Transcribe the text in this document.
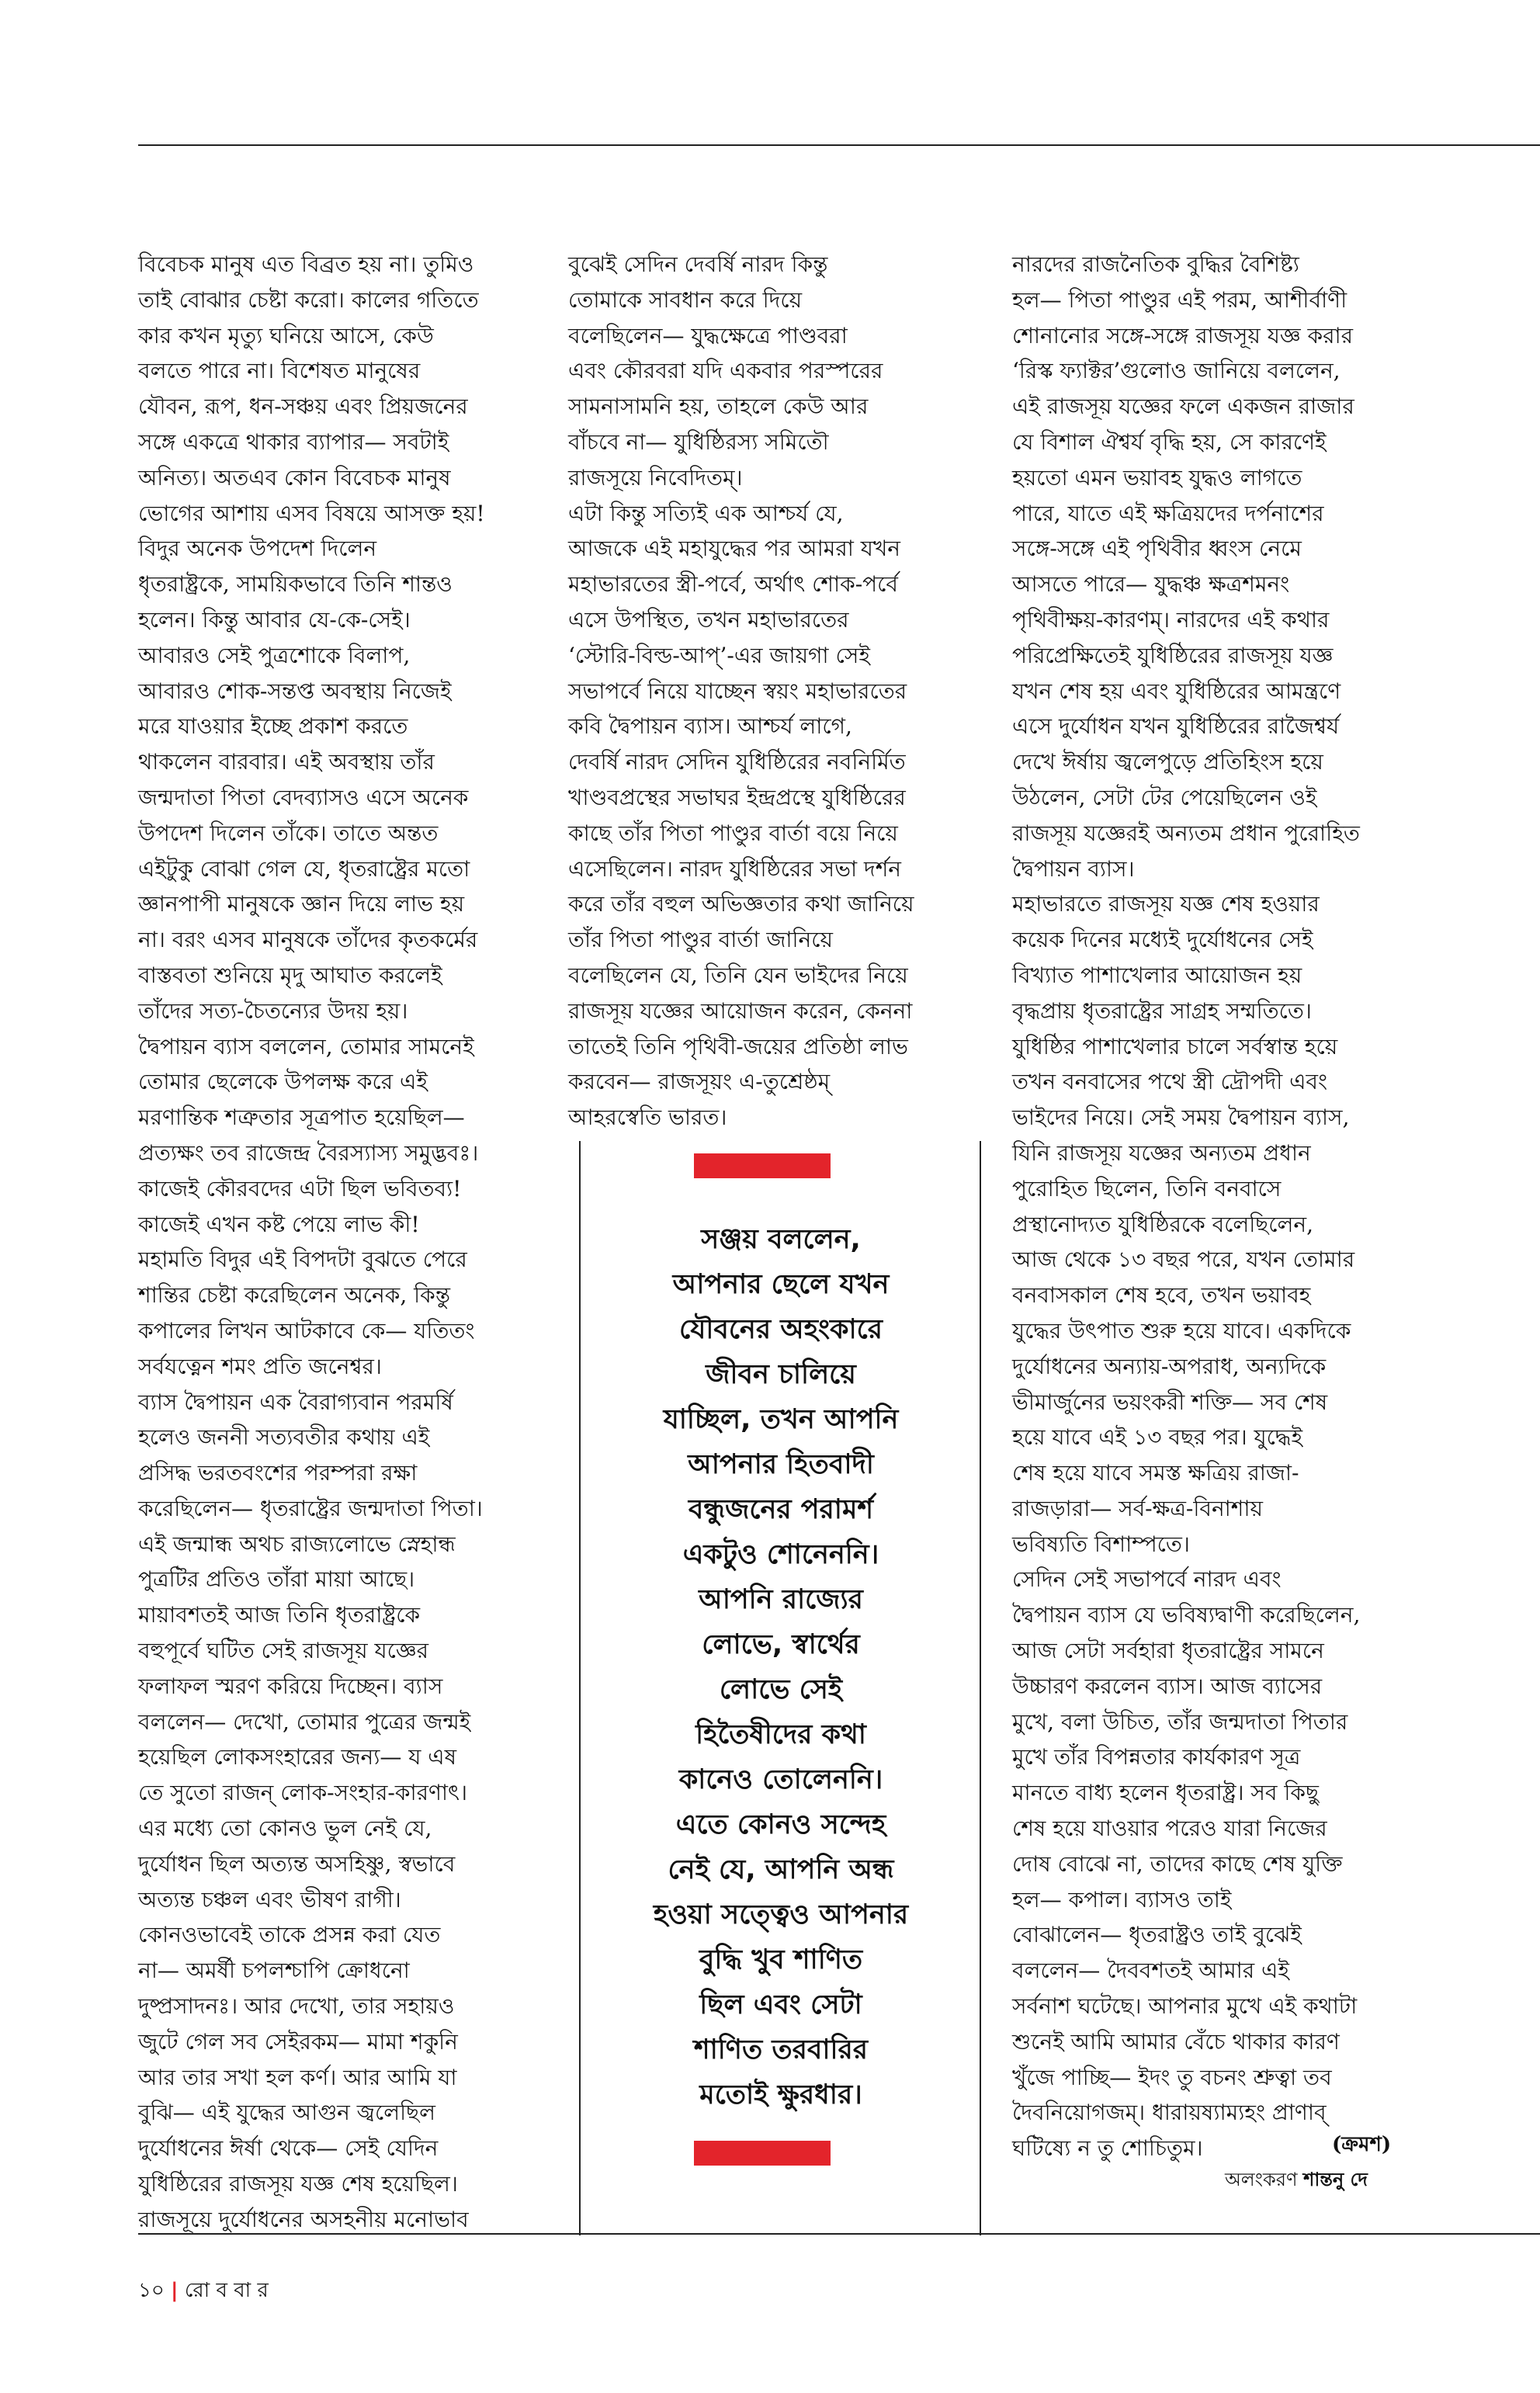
বিবেচক মানুষ এত বিব্রত হয় না। তুমিও

তাই বোঝার চেষ্টা করো। কালের গতিতে

কার কখন মৃত্যু ঘনিয়ে আসে, কেউ

বলতে পারে না। বিশেষত মানুষের

যৌবন, রূপ, ধন-সঞ্চয় এবং প্রিয়জনের

সঙ্গে একত্রে থাকার ব্যাপার— সবটাই

অনিত্য। অতএব কোন বিবেচক মানুষ

ভোগের আশায় এসব বিষয়ে আসক্ত হয়!

বিদুর অনেক উপদেশ দিলেন

ধৃতরাষ্ট্রকে, সাময়িকভাবে তিনি শান্তও

হলেন। কিন্তু আবার যে-কে-সেই।

আবারও সেই পুত্রশোকে বিলাপ,

আবারও শোক-সন্তপ্ত অবস্থায় নিজেই

মরে যাওয়ার ইচ্ছে প্রকাশ করতে

থাকলেন বারবার। এই অবস্থায় তাঁর

জন্মদাতা পিতা বেদব্যাসও এসে অনেক

উপদেশ দিলেন তাঁকে। তাতে অন্তত

এইটুকু বোঝা গেল যে, ধৃতরাষ্ট্রের মতো

জ্ঞানপাপী মানুষকে জ্ঞান দিয়ে লাভ হয়

না। বরং এসব মানুষকে তাঁদের কৃতকর্মের

বাস্তবতা শুনিয়ে মৃদু আঘাত করলেই

তাঁদের সত্য-চৈতন্যের উদয় হয়।

দ্বৈপায়ন ব্যাস বললেন, তোমার সামনেই

তোমার ছেলেকে উপলক্ষ করে এই

মরণান্তিক শত্রুতার সূত্রপাত হয়েছিল—

প্রত্যক্ষং তব রাজেন্দ্র বৈরস্যাস্য সমুদ্ভবঃ।

কাজেই কৌরবদের এটা ছিল ভবিতব্য!

কাজেই এখন কষ্ট পেয়ে লাভ কী!

মহামতি বিদুর এই বিপদটা বুঝতে পেরে

শান্তির চেষ্টা করেছিলেন অনেক, কিন্তু

কপালের লিখন আটকাবে কে— যতিতং

সর্বযত্নেন শমং প্রতি জনেশ্বর।

ব্যাস দ্বৈপায়ন এক বৈরাগ্যবান পরমর্ষি

হলেও জননী সত্যবতীর কথায় এই

প্রসিদ্ধ ভরতবংশের পরম্পরা রক্ষা

করেছিলেন— ধৃতরাষ্ট্রের জন্মদাতা পিতা।

এই জন্মান্ধ অথচ রাজ্যলোভে স্নেহান্ধ

পুত্রটির প্রতিও তাঁরা মায়া আছে।

মায়াবশতই আজ তিনি ধৃতরাষ্ট্রকে

বহুপূর্বে ঘটিত সেই রাজসূয় যজ্ঞের

ফলাফল স্মরণ করিয়ে দিচ্ছেন। ব্যাস

বললেন— দেখো, তোমার পুত্রের জন্মই

হয়েছিল লোকসংহারের জন্য— য এষ

তে সুতো রাজন্ লোক-সংহার-কারণাৎ।

এর মধ্যে তো কোনও ভুল নেই যে,

দুর্যোধন ছিল অত্যন্ত অসহিষ্ণু, স্বভাবে

অত্যন্ত চঞ্চল এবং ভীষণ রাগী।

কোনওভাবেই তাকে প্রসন্ন করা যেত

না— অমর্ষী চপলশ্চাপি ক্রোধনো

দুষ্প্রসাদনঃ। আর দেখো, তার সহায়ও

জুটে গেল সব সেইরকম— মামা শকুনি

আর তার সখা হল কর্ণ। আর আমি যা

বুঝি— এই যুদ্ধের আগুন জ্বলেছিল

দুর্যোধনের ঈর্ষা থেকে— সেই যেদিন

যুধিষ্ঠিরের রাজসূয় যজ্ঞ শেষ হয়েছিল।

রাজসূয়ে দুর্যোধনের অসহনীয় মনোভাব

বুঝেই সেদিন দেবর্ষি নারদ কিন্তু

তোমাকে সাবধান করে দিয়ে

বলেছিলেন— যুদ্ধক্ষেত্রে পাণ্ডবরা

এবং কৌরবরা যদি একবার পরস্পরের

সামনাসামনি হয়, তাহলে কেউ আর

বাঁচবে না— যুধিষ্ঠিরস্য সমিতৌ

রাজসূয়ে নিবেদিতম্।

এটা কিন্তু সত্যিই এক আশ্চর্য যে,

আজকে এই মহাযুদ্ধের পর আমরা যখন

মহাভারতের স্ত্রী-পর্বে, অর্থাৎ শোক-পর্বে

এসে উপস্থিত, তখন মহাভারতের

‘স্টোরি-বিল্ড-আপ্’-এর জায়গা সেই

সভাপর্বে নিয়ে যাচ্ছেন স্বয়ং মহাভারতের

কবি দ্বৈপায়ন ব্যাস। আশ্চর্য লাগে,

দেবর্ষি নারদ সেদিন যুধিষ্ঠিরের নবনির্মিত

খাণ্ডবপ্রস্থের সভাঘর ইন্দ্রপ্রস্থে যুধিষ্ঠিরের

কাছে তাঁর পিতা পাণ্ডুর বার্তা বয়ে নিয়ে

এসেছিলেন। নারদ যুধিষ্ঠিরের সভা দর্শন

করে তাঁর বহুল অভিজ্ঞতার কথা জানিয়ে

তাঁর পিতা পাণ্ডুর বার্তা জানিয়ে

বলেছিলেন যে, তিনি যেন ভাইদের নিয়ে

রাজসূয় যজ্ঞের আয়োজন করেন, কেননা

তাতেই তিনি পৃথিবী-জয়ের প্রতিষ্ঠা লাভ

করবেন— রাজসূয়ং এ-তুশ্রেষ্ঠম্

আহরস্বেতি ভারত।

নারদের রাজনৈতিক বুদ্ধির বৈশিষ্ট্য

হল— পিতা পাণ্ডুর এই পরম, আশীর্বাণী

শোনানোর সঙ্গে-সঙ্গে রাজসূয় যজ্ঞ করার

‘রিস্ক ফ্যাক্টর’গুলোও জানিয়ে বললেন,

এই রাজসূয় যজ্ঞের ফলে একজন রাজার

যে বিশাল ঐশ্বর্য বৃদ্ধি হয়, সে কারণেই

হয়তো এমন ভয়াবহ যুদ্ধও লাগতে

পারে, যাতে এই ক্ষত্রিয়দের দর্পনাশের

সঙ্গে-সঙ্গে এই পৃথিবীর ধ্বংস নেমে

আসতে পারে— যুদ্ধঞ্চ ক্ষত্রশমনং

পৃথিবীক্ষয়-কারণম্। নারদের এই কথার

পরিপ্রেক্ষিতেই যুধিষ্ঠিরের রাজসূয় যজ্ঞ

যখন শেষ হয় এবং যুধিষ্ঠিরের আমন্ত্রণে

এসে দুর্যোধন যখন যুধিষ্ঠিরের রাজৈশ্বর্য

দেখে ঈর্ষায় জ্বলেপুড়ে প্রতিহিংস হয়ে

উঠলেন, সেটা টের পেয়েছিলেন ওই

রাজসূয় যজ্ঞেরই অন্যতম প্রধান পুরোহিত

দ্বৈপায়ন ব্যাস।

মহাভারতে রাজসূয় যজ্ঞ শেষ হওয়ার

কয়েক দিনের মধ্যেই দুর্যোধনের সেই

বিখ্যাত পাশাখেলার আয়োজন হয়

বৃদ্ধপ্রায় ধৃতরাষ্ট্রের সাগ্রহ সম্মতিতে।

যুধিষ্ঠির পাশাখেলার চালে সর্বস্বান্ত হয়ে

তখন বনবাসের পথে স্ত্রী দ্রৌপদী এবং

ভাইদের নিয়ে। সেই সময় দ্বৈপায়ন ব্যাস,

যিনি রাজসূয় যজ্ঞের অন্যতম প্রধান

পুরোহিত ছিলেন, তিনি বনবাসে

প্রস্থানোদ্যত যুধিষ্ঠিরকে বলেছিলেন,

আজ থেকে ১৩ বছর পরে, যখন তোমার

বনবাসকাল শেষ হবে, তখন ভয়াবহ

যুদ্ধের উৎপাত শুরু হয়ে যাবে। একদিকে

দুর্যোধনের অন্যায়-অপরাধ, অন্যদিকে

ভীমার্জুনের ভয়ংকরী শক্তি— সব শেষ

হয়ে যাবে এই ১৩ বছর পর। যুদ্ধেই

শেষ হয়ে যাবে সমস্ত ক্ষত্রিয় রাজা-

রাজড়ারা— সর্ব-ক্ষত্র-বিনাশায়

ভবিষ্যতি বিশাম্পতে।

সেদিন সেই সভাপর্বে নারদ এবং

দ্বৈপায়ন ব্যাস যে ভবিষ্যদ্বাণী করেছিলেন,

আজ সেটা সর্বহারা ধৃতরাষ্ট্রের সামনে

উচ্চারণ করলেন ব্যাস। আজ ব্যাসের

মুখে, বলা উচিত, তাঁর জন্মদাতা পিতার

মুখে তাঁর বিপন্নতার কার্যকারণ সূত্র

মানতে বাধ্য হলেন ধৃতরাষ্ট্র। সব কিছু

শেষ হয়ে যাওয়ার পরেও যারা নিজের

দোষ বোঝে না, তাদের কাছে শেষ যুক্তি

হল— কপাল। ব্যাসও তাই

বোঝালেন— ধৃতরাষ্ট্রও তাই বুঝেই

বললেন— দৈববশতই আমার এই

সর্বনাশ ঘটেছে। আপনার মুখে এই কথাটা

শুনেই আমি আমার বেঁচে থাকার কারণ

খুঁজে পাচ্ছি— ইদং তু বচনং শ্রুত্বা তব

দৈবনিয়োগজম্। ধারায়ষ্যাম্যহং প্রাণাব্

ঘটিষ্যে ন তু শোচিতুম।

সঞ্জয় বললেন,

আপনার ছেলে যখন

যৌবনের অহংকারে

জীবন চালিয়ে

যাচ্ছিল, তখন আপনি

আপনার হিতবাদী

বন্ধুজনের পরামর্শ

একটুও শোনেননি।

আপনি রাজ্যের

লোভে, স্বার্থের

লোভে সেই

হিতৈষীদের কথা

কানেও তোলেননি।

এতে কোনও সন্দেহ

নেই যে, আপনি অন্ধ

হওয়া সত্ত্বেও আপনার

বুদ্ধি খুব শাণিত

ছিল এবং সেটা

শাণিত তরবারির

মতোই ক্ষুরধার।

(ক্রমশ)
অলংকরণ শান্তনু দে
১০ | রো ব বা র
